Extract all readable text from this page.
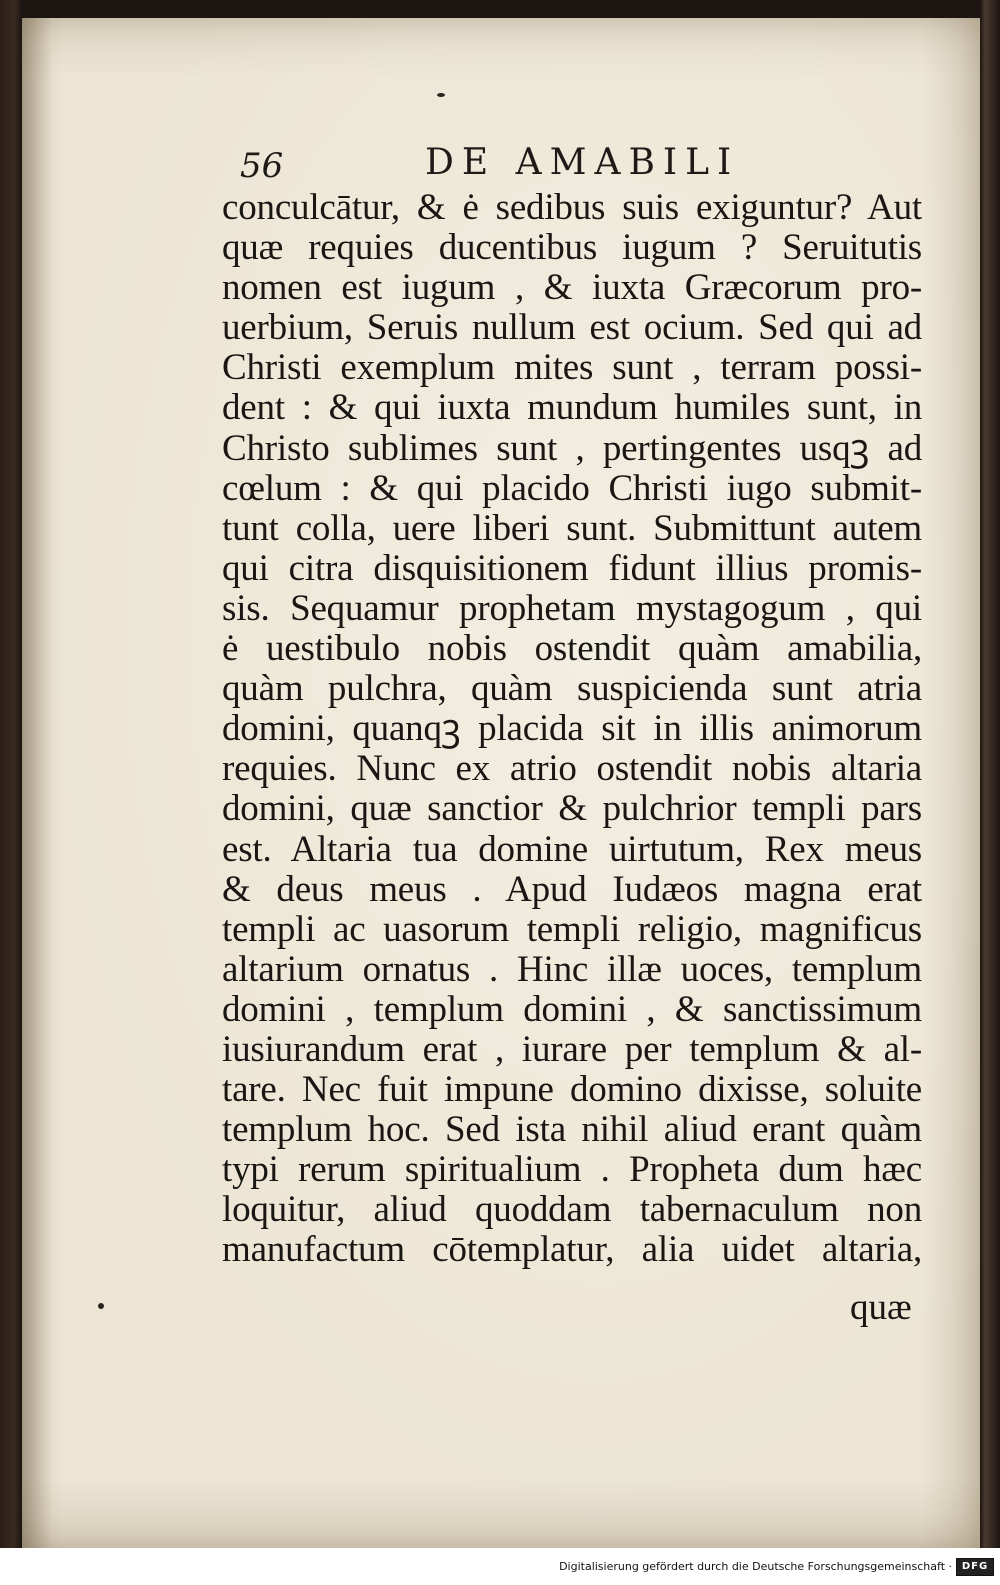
56	DE AMABILI
conculcātur, & ė sedibus suis exiguntur? Aut
quæ requies ducentibus iugum ? Seruitutis
nomen est iugum , & iuxta Græcorum pro-
uerbium, Seruis nullum est ocium. Sed qui ad
Christi exemplum mites sunt , terram possi-
dent : & qui iuxta mundum humiles sunt, in
Christo sublimes sunt , pertingentes usqꝫ ad
cœlum : & qui placido Christi iugo submit-
tunt colla, uere liberi sunt. Submittunt autem
qui citra disquisitionem fidunt illius promis-
sis. Sequamur prophetam mystagogum , qui
ė uestibulo nobis ostendit quàm amabilia,
quàm pulchra, quàm suspicienda sunt atria
domini, quanqꝫ placida sit in illis animorum
requies. Nunc ex atrio ostendit nobis altaria
domini, quæ sanctior & pulchrior templi pars
est. Altaria tua domine uirtutum, Rex meus
& deus meus . Apud Iudæos magna erat
templi ac uasorum templi religio, magnificus
altarium ornatus . Hinc illæ uoces, templum
domini , templum domini , & sanctissimum
iusiurandum erat , iurare per templum & al-
tare. Nec fuit impune domino dixisse, soluite
templum hoc. Sed ista nihil aliud erant quàm
typi rerum spiritualium . Propheta dum hæc
loquitur, aliud quoddam tabernaculum non
manufactum cōtemplatur, alia uidet altaria,
quæ
Digitalisierung gefördert durch die Deutsche Forschungsgemeinschaft · DFG
